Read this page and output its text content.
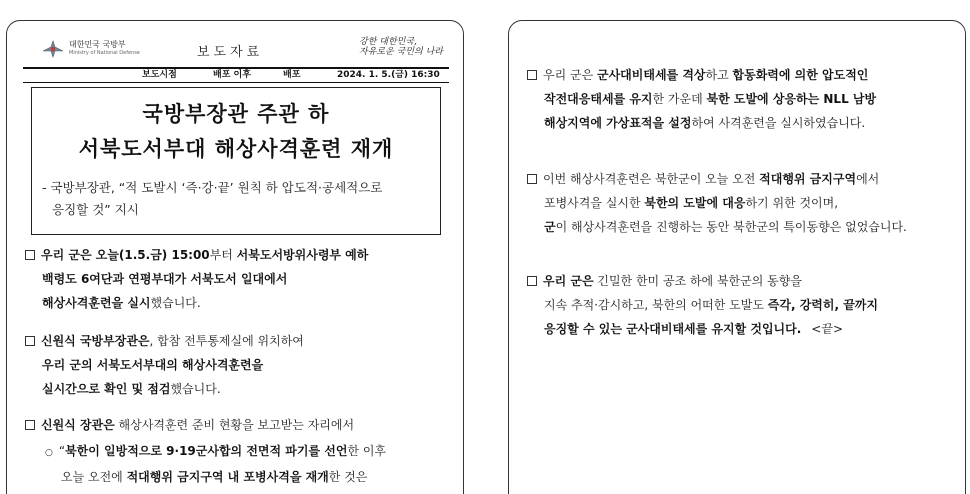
대한민국 국방부
Ministry of National Defense	보도자료
강한 대한민국,
자유로운 국민의 나라
보도시점	배포 이후	배포	2024. 1. 5.(금) 16:30
국방부장관 주관 하
서북도서부대 해상사격훈련 재개
- 국방부장관, “적 도발시 ‘즉·강·끝’ 원칙 하 압도적·공세적으로
응징할 것” 지시
우리 군은 오늘(1.5.금) 15:00부터 서북도서방위사령부 예하
백령도 6여단과 연평부대가 서북도서 일대에서
해상사격훈련을 실시했습니다.
신원식 국방부장관은, 합참 전투통제실에 위치하여
우리 군의 서북도서부대의 해상사격훈련을
실시간으로 확인 및 점검했습니다.
신원식 장관은 해상사격훈련 준비 현황을 보고받는 자리에서
○ “북한이 일방적으로 9·19군사합의 전면적 파기를 선언한 이후
오늘 오전에 적대행위 금지구역 내 포병사격을 재개한 것은
우리 군은 군사대비태세를 격상하고 합동화력에 의한 압도적인
작전대응태세를 유지한 가운데 북한 도발에 상응하는 NLL 남방
해상지역에 가상표적을 설정하여 사격훈련을 실시하였습니다.
이번 해상사격훈련은 북한군이 오늘 오전 적대행위 금지구역에서
포병사격을 실시한 북한의 도발에 대응하기 위한 것이며,
군이 해상사격훈련을 진행하는 동안 북한군의 특이동향은 없었습니다.
우리 군은 긴밀한 한미 공조 하에 북한군의 동향을
지속 추적·감시하고, 북한의 어떠한 도발도 즉각, 강력히, 끝까지
응징할 수 있는 군사대비태세를 유지할 것입니다. <끝>
